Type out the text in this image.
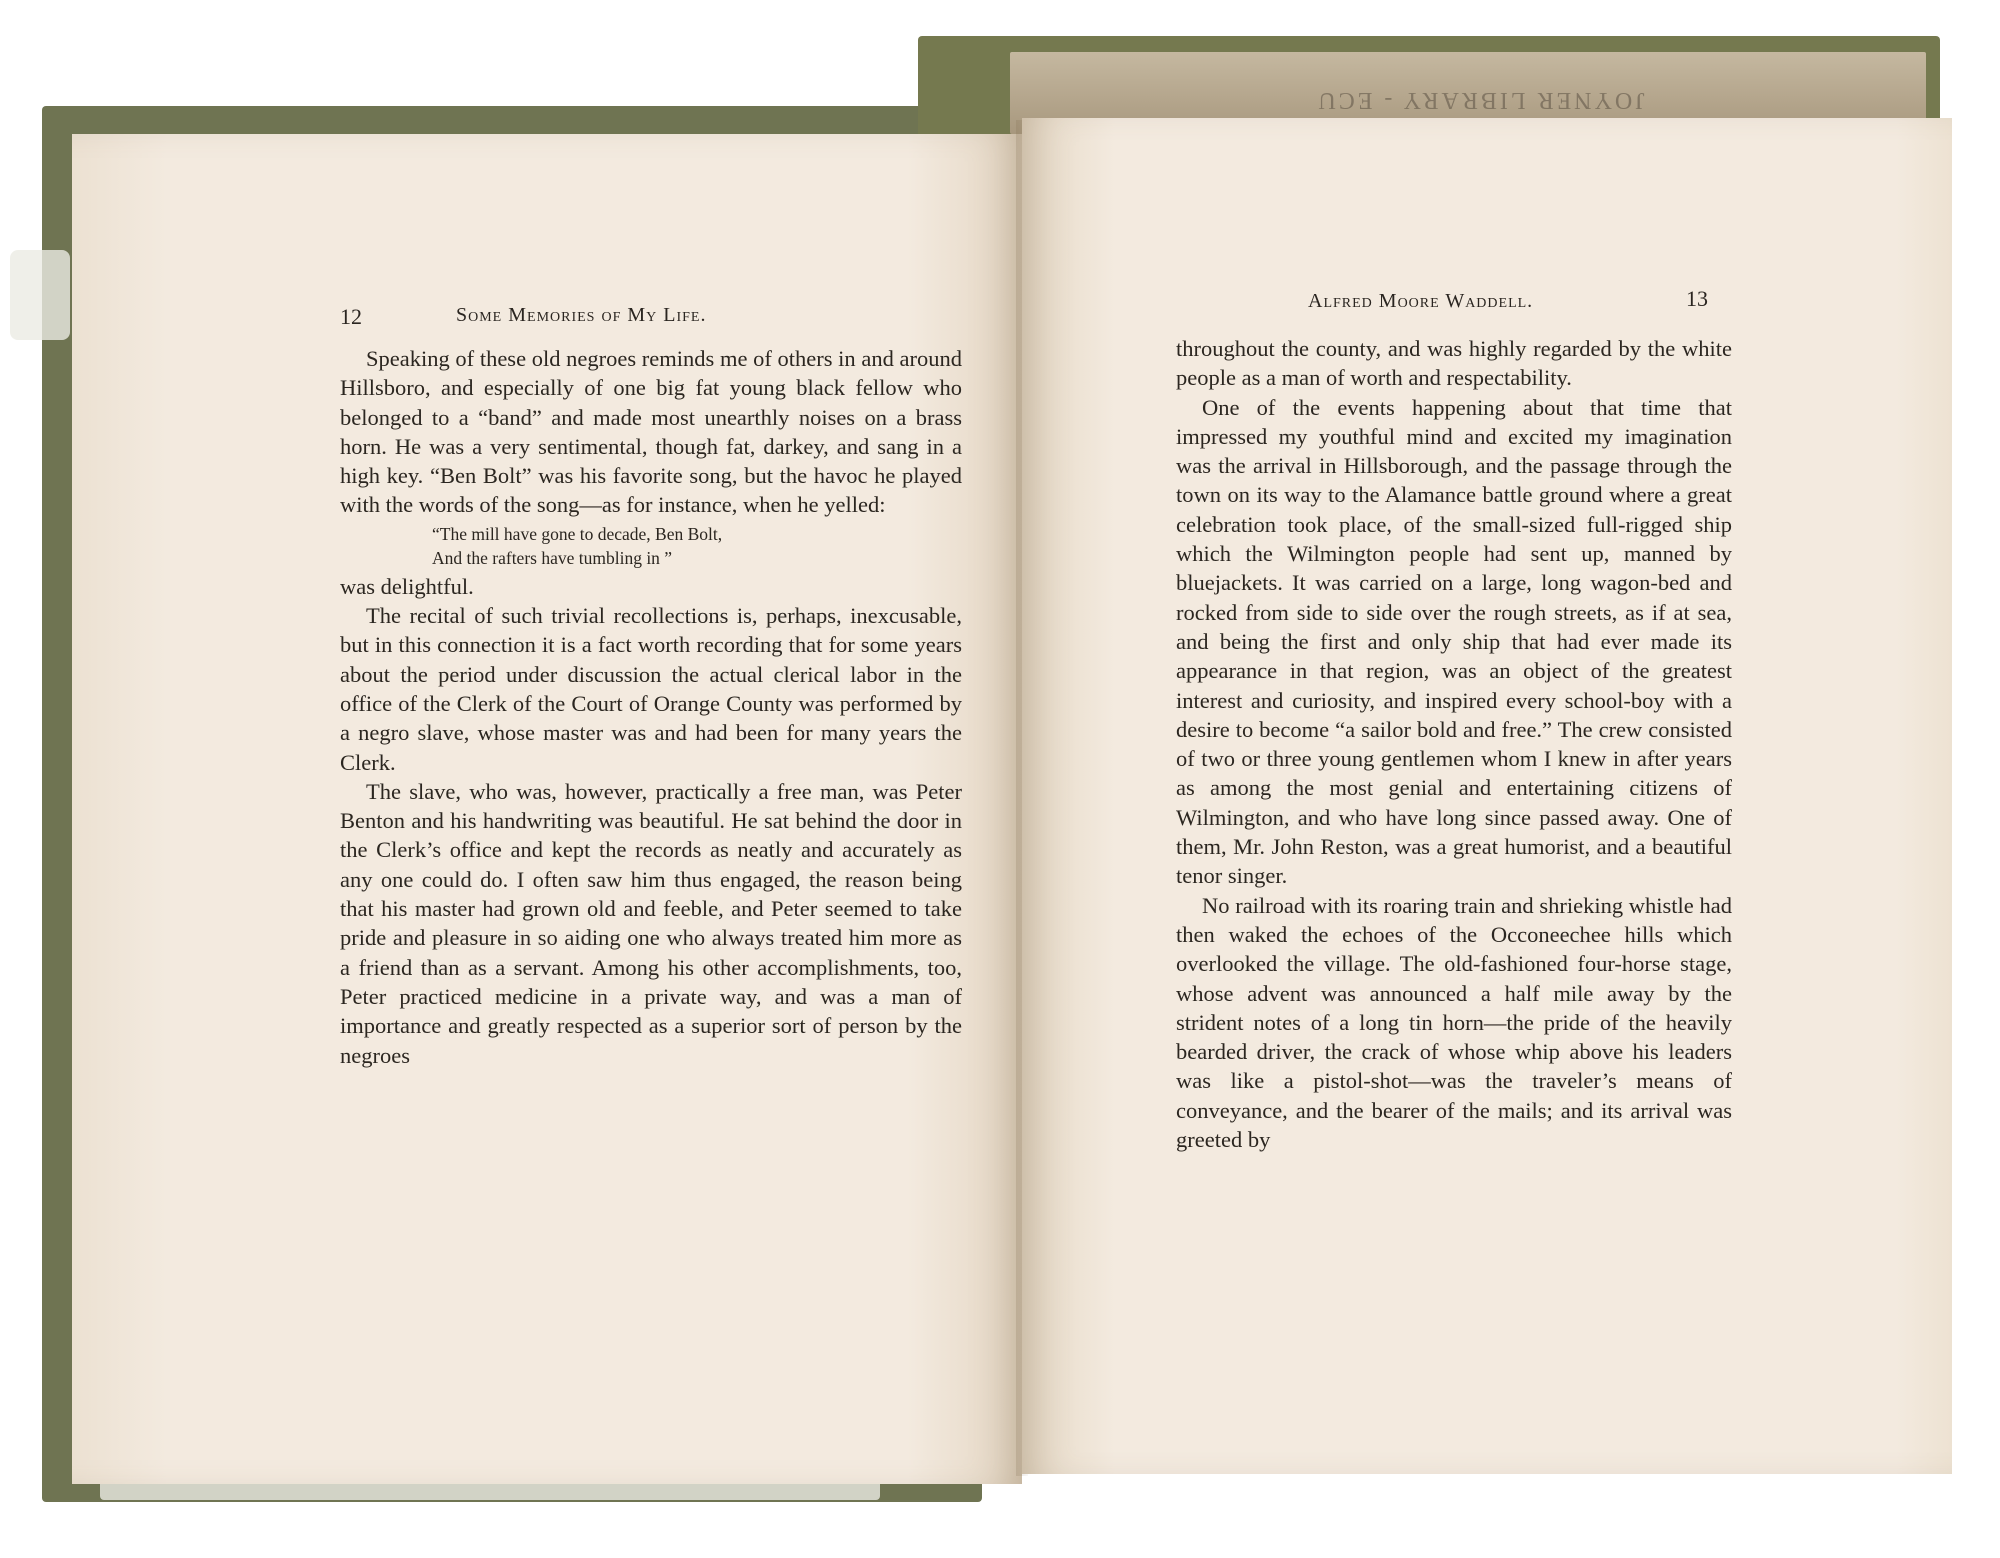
JOYNER LIBRARY - ECU
12	Some Memories of My Life.

Speaking of these old negroes reminds me of others in and around Hillsboro, and especially of one big fat young black fellow who belonged to a “band” and made most unearthly noises on a brass horn. He was a very sentimental, though fat, darkey, and sang in a high key. “Ben Bolt” was his favorite song, but the havoc he played with the words of the song—as for instance, when he yelled:

“The mill have gone to decade, Ben Bolt,
And the rafters have tumbling in ”

was delightful.

The recital of such trivial recollections is, perhaps, inexcusable, but in this connection it is a fact worth recording that for some years about the period under discussion the actual clerical labor in the office of the Clerk of the Court of Orange County was performed by a negro slave, whose master was and had been for many years the Clerk.

The slave, who was, however, practically a free man, was Peter Benton and his handwriting was beautiful. He sat behind the door in the Clerk’s office and kept the records as neatly and accurately as any one could do. I often saw him thus engaged, the reason being that his master had grown old and feeble, and Peter seemed to take pride and pleasure in so aiding one who always treated him more as a friend than as a servant. Among his other accomplishments, too, Peter practiced medicine in a private way, and was a man of importance and greatly respected as a superior sort of person by the negroes

Alfred Moore Waddell.	13

throughout the county, and was highly regarded by the white people as a man of worth and respectability.

One of the events happening about that time that impressed my youthful mind and excited my imagination was the arrival in Hillsborough, and the passage through the town on its way to the Alamance battle ground where a great celebration took place, of the small-sized full-rigged ship which the Wilmington people had sent up, manned by bluejackets. It was carried on a large, long wagon-bed and rocked from side to side over the rough streets, as if at sea, and being the first and only ship that had ever made its appearance in that region, was an object of the greatest interest and curiosity, and inspired every school-boy with a desire to become “a sailor bold and free.” The crew consisted of two or three young gentlemen whom I knew in after years as among the most genial and entertaining citizens of Wilmington, and who have long since passed away. One of them, Mr. John Reston, was a great humorist, and a beautiful tenor singer.

No railroad with its roaring train and shrieking whistle had then waked the echoes of the Occoneechee hills which overlooked the village. The old-fashioned four-horse stage, whose advent was announced a half mile away by the strident notes of a long tin horn—the pride of the heavily bearded driver, the crack of whose whip above his leaders was like a pistol-shot—was the traveler’s means of conveyance, and the bearer of the mails; and its arrival was greeted by
